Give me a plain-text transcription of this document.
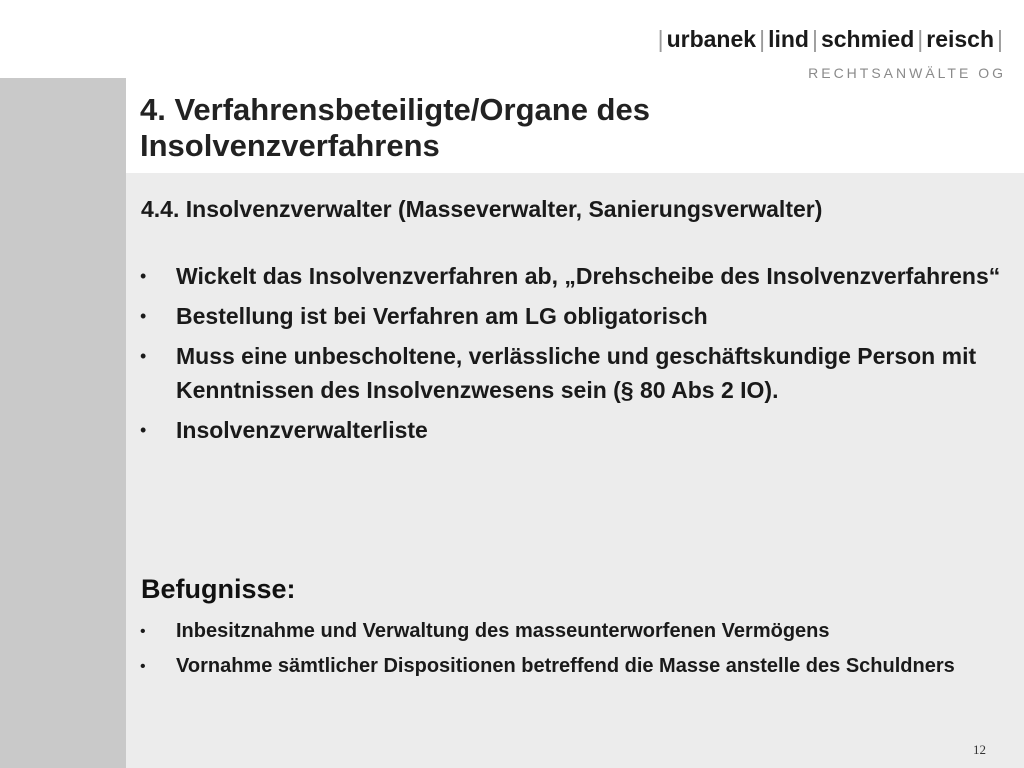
| urbanek | lind | schmied | reisch |
RECHTSANWÄLTE OG
4. Verfahrensbeteiligte/Organe des
Insolvenzverfahrens
4.4. Insolvenzverwalter (Masseverwalter, Sanierungsverwalter)
• Wickelt das Insolvenzverfahren ab, „Drehscheibe des Insolvenzverfahrens“
• Bestellung ist bei Verfahren am LG obligatorisch
• Muss eine unbescholtene, verlässliche und geschäftskundige Person mit Kenntnissen des Insolvenzwesens sein (§ 80 Abs 2 IO).
• Insolvenzverwalterliste
Befugnisse:
• Inbesitznahme und Verwaltung des masseunterworfenen Vermögens
• Vornahme sämtlicher Dispositionen betreffend die Masse anstelle des Schuldners
12
